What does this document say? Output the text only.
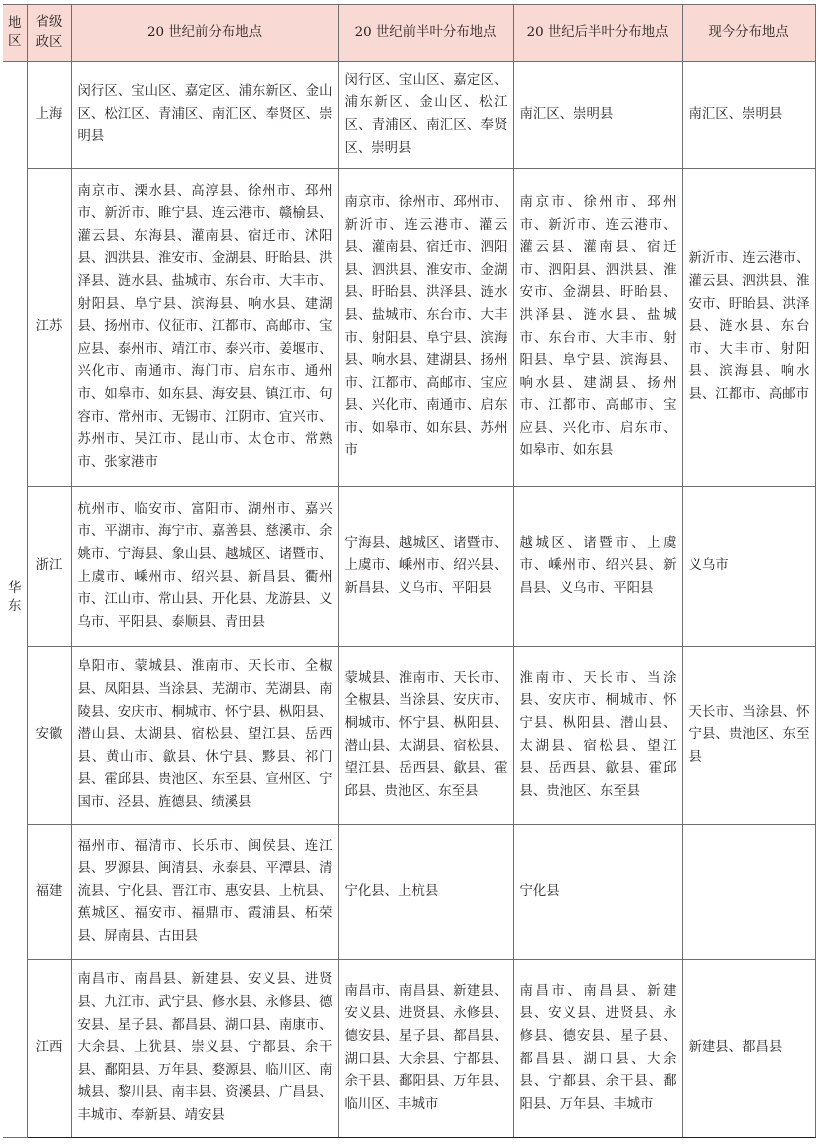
地区	省级政区	20 世纪前分布地点	20 世纪前半叶分布地点	20 世纪后半叶分布地点	现今分布地点
华东	上海	闵行区、宝山区、嘉定区、浦东新区、金山区、松江区、青浦区、南汇区、奉贤区、崇明县	闵行区、宝山区、嘉定区、浦东新区、金山区、松江区、青浦区、南汇区、奉贤区、崇明县	南汇区、崇明县	南汇区、崇明县
	江苏	南京市、溧水县、高淳县、徐州市、邳州市、新沂市、睢宁县、连云港市、赣榆县、灌云县、东海县、灌南县、宿迁市、沭阳县、泗洪县、淮安市、金湖县、盱眙县、洪泽县、涟水县、盐城市、东台市、大丰市、射阳县、阜宁县、滨海县、响水县、建湖县、扬州市、仪征市、江都市、高邮市、宝应县、泰州市、靖江市、泰兴市、姜堰市、兴化市、南通市、海门市、启东市、通州市、如皋市、如东县、海安县、镇江市、句容市、常州市、无锡市、江阴市、宜兴市、苏州市、吴江市、昆山市、太仓市、常熟市、张家港市	南京市、徐州市、邳州市、新沂市、连云港市、灌云县、灌南县、宿迁市、泗阳县、泗洪县、淮安市、金湖县、盱眙县、洪泽县、涟水县、盐城市、东台市、大丰市、射阳县、阜宁县、滨海县、响水县、建湖县、扬州市、江都市、高邮市、宝应县、兴化市、南通市、启东市、如皋市、如东县、苏州市	南京市、徐州市、邳州市、新沂市、连云港市、灌云县、灌南县、宿迁市、泗阳县、泗洪县、淮安市、金湖县、盱眙县、洪泽县、涟水县、盐城市、东台市、大丰市、射阳县、阜宁县、滨海县、响水县、建湖县、扬州市、江都市、高邮市、宝应县、兴化市、启东市、如皋市、如东县	新沂市、连云港市、灌云县、泗洪县、淮安市、盱眙县、洪泽县、涟水县、东台市、大丰市、射阳县、滨海县、响水县、江都市、高邮市
	浙江	杭州市、临安市、富阳市、湖州市、嘉兴市、平湖市、海宁市、嘉善县、慈溪市、余姚市、宁海县、象山县、越城区、诸暨市、上虞市、嵊州市、绍兴县、新昌县、衢州市、江山市、常山县、开化县、龙游县、义乌市、平阳县、泰顺县、青田县	宁海县、越城区、诸暨市、上虞市、嵊州市、绍兴县、新昌县、义乌市、平阳县	越城区、诸暨市、上虞市、嵊州市、绍兴县、新昌县、义乌市、平阳县	义乌市
	安徽	阜阳市、蒙城县、淮南市、天长市、全椒县、凤阳县、当涂县、芜湖市、芜湖县、南陵县、安庆市、桐城市、怀宁县、枞阳县、潜山县、太湖县、宿松县、望江县、岳西县、黄山市、歙县、休宁县、黟县、祁门县、霍邱县、贵池区、东至县、宣州区、宁国市、泾县、旌德县、绩溪县	蒙城县、淮南市、天长市、全椒县、当涂县、安庆市、桐城市、怀宁县、枞阳县、潜山县、太湖县、宿松县、望江县、岳西县、歙县、霍邱县、贵池区、东至县	淮南市、天长市、当涂县、安庆市、桐城市、怀宁县、枞阳县、潜山县、太湖县、宿松县、望江县、岳西县、歙县、霍邱县、贵池区、东至县	天长市、当涂县、怀宁县、贵池区、东至县
	福建	福州市、福清市、长乐市、闽侯县、连江县、罗源县、闽清县、永泰县、平潭县、清流县、宁化县、晋江市、惠安县、上杭县、蕉城区、福安市、福鼎市、霞浦县、柘荣县、屏南县、古田县	宁化县、上杭县	宁化县	
	江西	南昌市、南昌县、新建县、安义县、进贤县、九江市、武宁县、修水县、永修县、德安县、星子县、都昌县、湖口县、南康市、大余县、上犹县、崇义县、宁都县、余干县、鄱阳县、万年县、婺源县、临川区、南城县、黎川县、南丰县、资溪县、广昌县、丰城市、奉新县、靖安县	南昌市、南昌县、新建县、安义县、进贤县、永修县、德安县、星子县、都昌县、湖口县、大余县、宁都县、余干县、鄱阳县、万年县、临川区、丰城市	南昌市、南昌县、新建县、安义县、进贤县、永修县、德安县、星子县、都昌县、湖口县、大余县、宁都县、余干县、鄱阳县、万年县、丰城市	新建县、都昌县
